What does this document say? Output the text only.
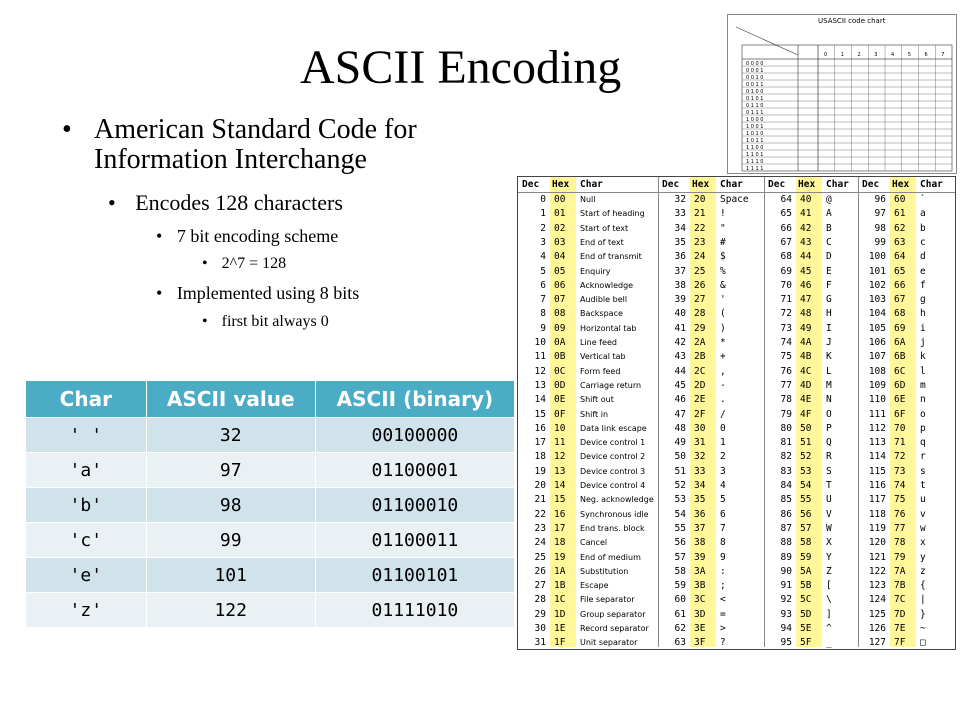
ASCII Encoding
• American Standard Code for Information Interchange
• Encodes 128 characters
• 7 bit encoding scheme
• 2^7 = 128
• Implemented using 8 bits
• first bit always 0
USASCII code chart
0	1	2	3	4	5	6	7
0 0 0 0
0 0 0 1
0 0 1 0
0 0 1 1
0 1 0 0
0 1 0 1
0 1 1 0
0 1 1 1
1 0 0 0
1 0 0 1
1 0 1 0
1 0 1 1
1 1 0 0
1 1 0 1
1 1 1 0
1 1 1 1
Dec Hex Char
0 00 Null
1 01 Start of heading
2 02 Start of text
3 03 End of text
4 04 End of transmit
5 05 Enquiry
6 06 Acknowledge
7 07 Audible bell
8 08 Backspace
9 09 Horizontal tab
10 0A Line feed
11 0B Vertical tab
12 0C Form feed
13 0D Carriage return
14 0E Shift out
15 0F Shift in
16 10 Data link escape
17 11 Device control 1
18 12 Device control 2
19 13 Device control 3
20 14 Device control 4
21 15 Neg. acknowledge
22 16 Synchronous idle
23 17 End trans. block
24 18 Cancel
25 19 End of medium
26 1A Substitution
27 1B Escape
28 1C File separator
29 1D Group separator
30 1E Record separator
31 1F Unit separator
Dec Hex Char
32 20 Space
33 21 !
34 22 "
35 23 #
36 24 $
37 25 %
38 26 &
39 27 '
40 28 (
41 29 )
42 2A *
43 2B +
44 2C ,
45 2D -
46 2E .
47 2F /
48 30 0
49 31 1
50 32 2
51 33 3
52 34 4
53 35 5
54 36 6
55 37 7
56 38 8
57 39 9
58 3A :
59 3B ;
60 3C <
61 3D =
62 3E >
63 3F ?
Dec Hex Char
64 40 @
65 41 A
66 42 B
67 43 C
68 44 D
69 45 E
70 46 F
71 47 G
72 48 H
73 49 I
74 4A J
75 4B K
76 4C L
77 4D M
78 4E N
79 4F O
80 50 P
81 51 Q
82 52 R
83 53 S
84 54 T
85 55 U
86 56 V
87 57 W
88 58 X
89 59 Y
90 5A Z
91 5B [
92 5C \
93 5D ]
94 5E ^
95 5F _
Dec Hex Char
96 60 `
97 61 a
98 62 b
99 63 c
100 64 d
101 65 e
102 66 f
103 67 g
104 68 h
105 69 i
106 6A j
107 6B k
108 6C l
109 6D m
110 6E n
111 6F o
112 70 p
113 71 q
114 72 r
115 73 s
116 74 t
117 75 u
118 76 v
119 77 w
120 78 x
121 79 y
122 7A z
123 7B {
124 7C |
125 7D }
126 7E ~
127 7F □
Char	ASCII value	ASCII (binary)
' '	32	00100000
'a'	97	01100001
'b'	98	01100010
'c'	99	01100011
'e'	101	01100101
'z'	122	01111010
